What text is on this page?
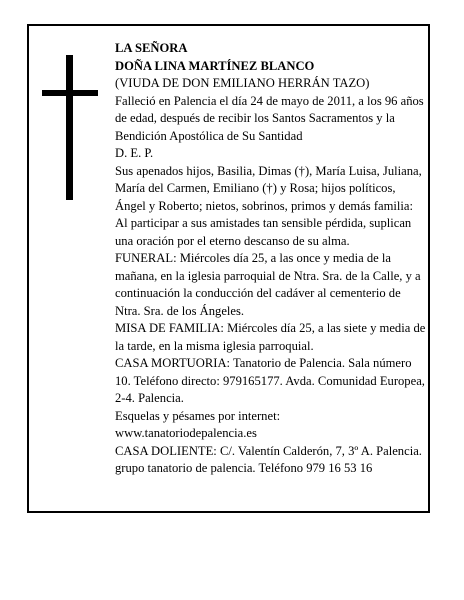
LA SEÑORA

DOÑA LINA MARTÍNEZ BLANCO

(VIUDA DE DON EMILIANO HERRÁN TAZO)

Falleció en Palencia el día 24 de mayo de 2011, a los 96 años de edad, después de recibir los Santos Sacramentos y la Bendición Apostólica de Su Santidad

D. E. P.

Sus apenados hijos, Basilia, Dimas (†), María Luisa, Juliana, María del Carmen, Emiliano (†) y Rosa; hijos políticos, Ángel y Roberto; nietos, sobrinos, primos y demás familia:

Al participar a sus amistades tan sensible pérdida, suplican una oración por el eterno descanso de su alma.

FUNERAL: Miércoles día 25, a las once y media de la mañana, en la iglesia parroquial de Ntra. Sra. de la Calle, y a continuación la conducción del cadáver al cementerio de Ntra. Sra. de los Ángeles.

MISA DE FAMILIA: Miércoles día 25, a las siete y media de la tarde, en la misma iglesia parroquial.

CASA MORTUORIA: Tanatorio de Palencia. Sala número 10. Teléfono directo: 979165177. Avda. Comunidad Europea, 2-4. Palencia.

Esquelas y pésames por internet:

www.tanatoriodepalencia.es

CASA DOLIENTE: C/. Valentín Calderón, 7, 3º A. Palencia.

grupo tanatorio de palencia. Teléfono 979 16 53 16
